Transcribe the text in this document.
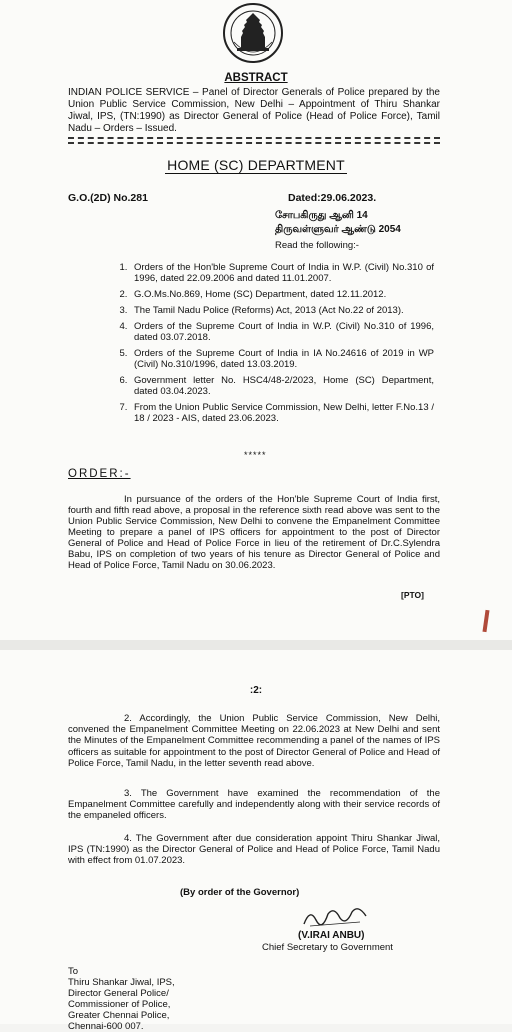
ABSTRACT
INDIAN POLICE SERVICE – Panel of Director Generals of Police prepared by the Union Public Service Commission, New Delhi – Appointment of Thiru Shankar Jiwal, IPS, (TN:1990) as Director General of Police (Head of Police Force), Tamil Nadu – Orders – Issued.
HOME (SC) DEPARTMENT
G.O.(2D) No.281	Dated:29.06.2023.
சோபகிருது ஆனி 14
திருவள்ளுவர் ஆண்டு 2054
Read the following:-
1. Orders of the Hon'ble Supreme Court of India in W.P. (Civil) No.310 of 1996, dated 22.09.2006 and dated 11.01.2007.
2. G.O.Ms.No.869, Home (SC) Department, dated 12.11.2012.
3. The Tamil Nadu Police (Reforms) Act, 2013 (Act No.22 of 2013).
4. Orders of the Supreme Court of India in W.P. (Civil) No.310 of 1996, dated 03.07.2018.
5. Orders of the Supreme Court of India in IA No.24616 of 2019 in WP (Civil) No.310/1996, dated 13.03.2019.
6. Government letter No. HSC4/48-2/2023, Home (SC) Department, dated 03.04.2023.
7. From the Union Public Service Commission, New Delhi, letter F.No.13 / 18 / 2023 - AIS, dated 23.06.2023.
*****
ORDER:-
In pursuance of the orders of the Hon'ble Supreme Court of India first, fourth and fifth read above, a proposal in the reference sixth read above was sent to the Union Public Service Commission, New Delhi to convene the Empanelment Committee Meeting to prepare a panel of IPS officers for appointment to the post of Director General of Police and Head of Police Force in lieu of the retirement of Dr.C.Sylendra Babu, IPS on completion of two years of his tenure as Director General of Police and Head of Police Force, Tamil Nadu on 30.06.2023.
[PTO]
:2:
2. Accordingly, the Union Public Service Commission, New Delhi, convened the Empanelment Committee Meeting on 22.06.2023 at New Delhi and sent the Minutes of the Empanelment Committee recommending a panel of the names of IPS officers as suitable for appointment to the post of Director General of Police and Head of Police Force, Tamil Nadu, in the letter seventh read above.
3. The Government have examined the recommendation of the Empanelment Committee carefully and independently along with their service records of the empaneled officers.
4. The Government after due consideration appoint Thiru Shankar Jiwal, IPS (TN:1990) as the Director General of Police and Head of Police Force, Tamil Nadu with effect from 01.07.2023.
(By order of the Governor)
(V.IRAI ANBU)
Chief Secretary to Government
To
Thiru Shankar Jiwal, IPS,
Director General Police/
Commissioner of Police,
Greater Chennai Police,
Chennai-600 007.
